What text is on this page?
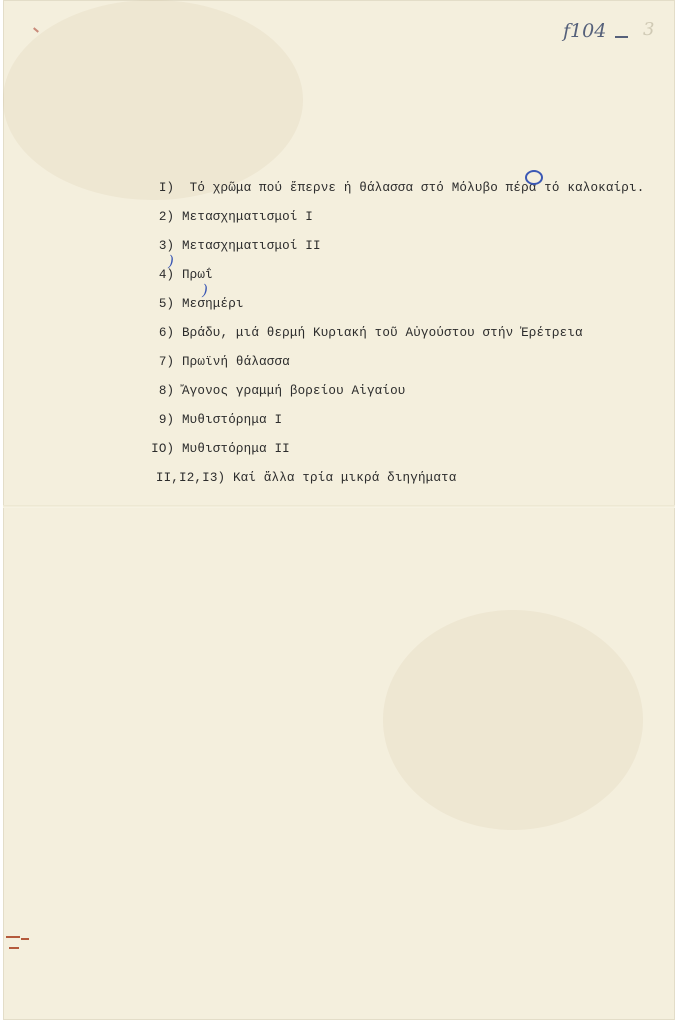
f104 3

I) Τό χρῶμα πού ἔπερνε ἡ θάλασσα στό Μόλυβο πέρα τό καλοκαίρι.

2) Μετασχηματισμοί I

3) Μετασχηματισμοί II

4) Πρωΐ

5) Μεσημέρι

6) Βράδυ, μιά θερμή Κυριακή τοῦ Αὐγούστου στήν Ἐρέτρεια

7) Πρωϊνή θάλασσα

8) Ἄγονος γραμμή βορείου Αἰγαίου

9) Μυθιστόρημα I

IO) Μυθιστόρημα II

II,I2,I3) Καί ἄλλα τρία μικρά διηγήματα

)
)
